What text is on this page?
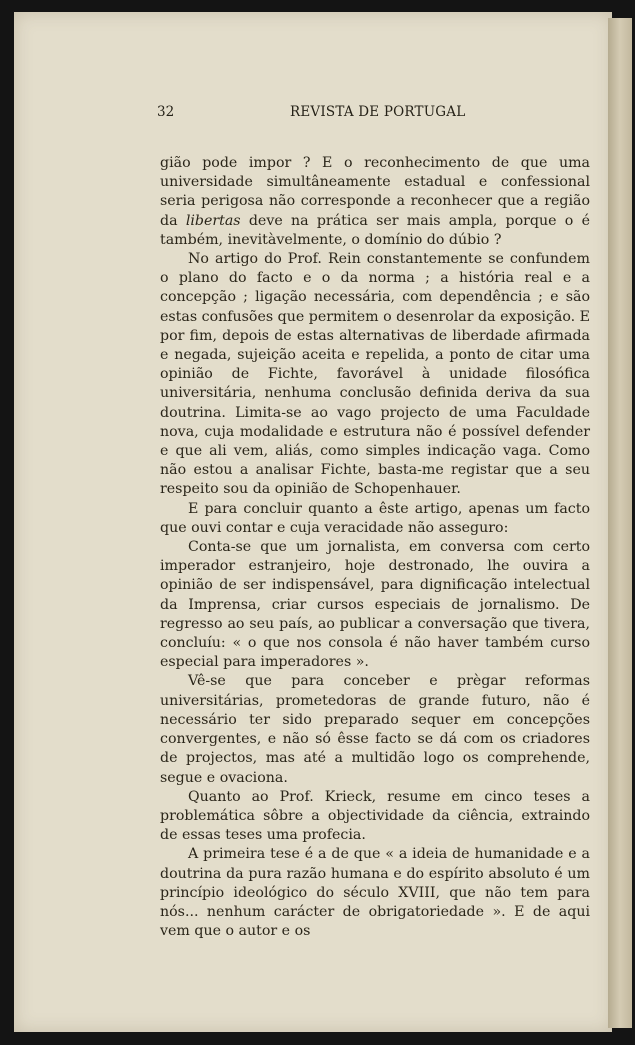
32	REVISTA DE PORTUGAL

gião pode impor ? E o reconhecimento de que uma universidade simultâneamente estadual e confessional seria perigosa não corresponde a reconhecer que a região da libertas deve na prática ser mais ampla, porque o é também, inevitàvelmente, o domínio do dúbio ?

No artigo do Prof. Rein constantemente se confundem o plano do facto e o da norma ; a história real e a concepção ; ligação necessária, com dependência ; e são estas confusões que permitem o desenrolar da exposição. E por fim, depois de estas alternativas de liberdade afirmada e negada, sujeição aceita e repelida, a ponto de citar uma opinião de Fichte, favorável à unidade filosófica universitária, nenhuma conclusão definida deriva da sua doutrina. Limita-se ao vago projecto de uma Faculdade nova, cuja modalidade e estrutura não é possível defender e que ali vem, aliás, como simples indicação vaga. Como não estou a analisar Fichte, basta-me registar que a seu respeito sou da opinião de Schopenhauer.

E para concluir quanto a êste artigo, apenas um facto que ouvi contar e cuja veracidade não asseguro:

Conta-se que um jornalista, em conversa com certo imperador estranjeiro, hoje destronado, lhe ouvira a opinião de ser indispensável, para dignificação intelectual da Imprensa, criar cursos especiais de jornalismo. De regresso ao seu país, ao publicar a conversação que tivera, concluíu: « o que nos consola é não haver também curso especial para imperadores ».

Vê-se que para conceber e prègar reformas universitárias, prometedoras de grande futuro, não é necessário ter sido preparado sequer em concepções convergentes, e não só êsse facto se dá com os criadores de projectos, mas até a multidão logo os comprehende, segue e ovaciona.

Quanto ao Prof. Krieck, resume em cinco teses a problemática sôbre a objectividade da ciência, extraindo de essas teses uma profecia.

A primeira tese é a de que « a ideia de humanidade e a doutrina da pura razão humana e do espírito absoluto é um princípio ideológico do século XVIII, que não tem para nós... nenhum carácter de obrigatoriedade ». E de aqui vem que o autor e os
